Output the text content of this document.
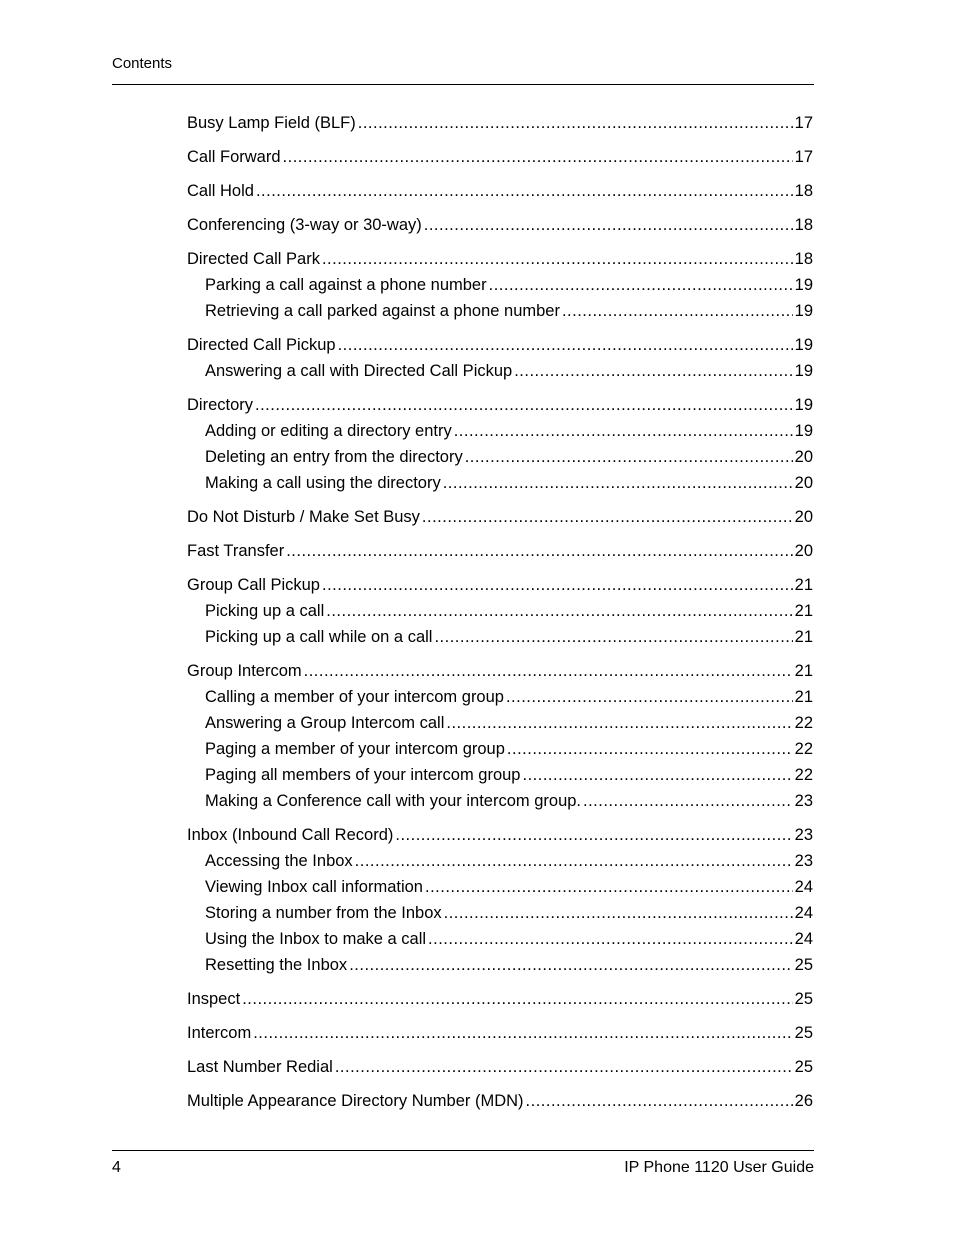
Contents
Busy Lamp Field (BLF) .....	17
Call Forward .....	17
Call Hold .....	18
Conferencing (3-way or 30-way) .....	18
Directed Call Park .....	18
Parking a call against a phone number .....	19
Retrieving a call parked against a phone number .....	19
Directed Call Pickup .....	19
Answering a call with Directed Call Pickup .....	19
Directory .....	19
Adding or editing a directory entry .....	19
Deleting an entry from the directory .....	20
Making a call using the directory .....	20
Do Not Disturb / Make Set Busy .....	20
Fast Transfer .....	20
Group Call Pickup .....	21
Picking up a call .....	21
Picking up a call while on a call .....	21
Group Intercom .....	21
Calling a member of your intercom group .....	21
Answering a Group Intercom call .....	22
Paging a member of your intercom group .....	22
Paging all members of your intercom group .....	22
Making a Conference call with your intercom group. .....	23
Inbox (Inbound Call Record) .....	23
Accessing the Inbox .....	23
Viewing Inbox call information .....	24
Storing a number from the Inbox .....	24
Using the Inbox to make a call .....	24
Resetting the Inbox .....	25
Inspect .....	25
Intercom .....	25
Last Number Redial .....	25
Multiple Appearance Directory Number (MDN) .....	26
4	IP Phone 1120 User Guide
